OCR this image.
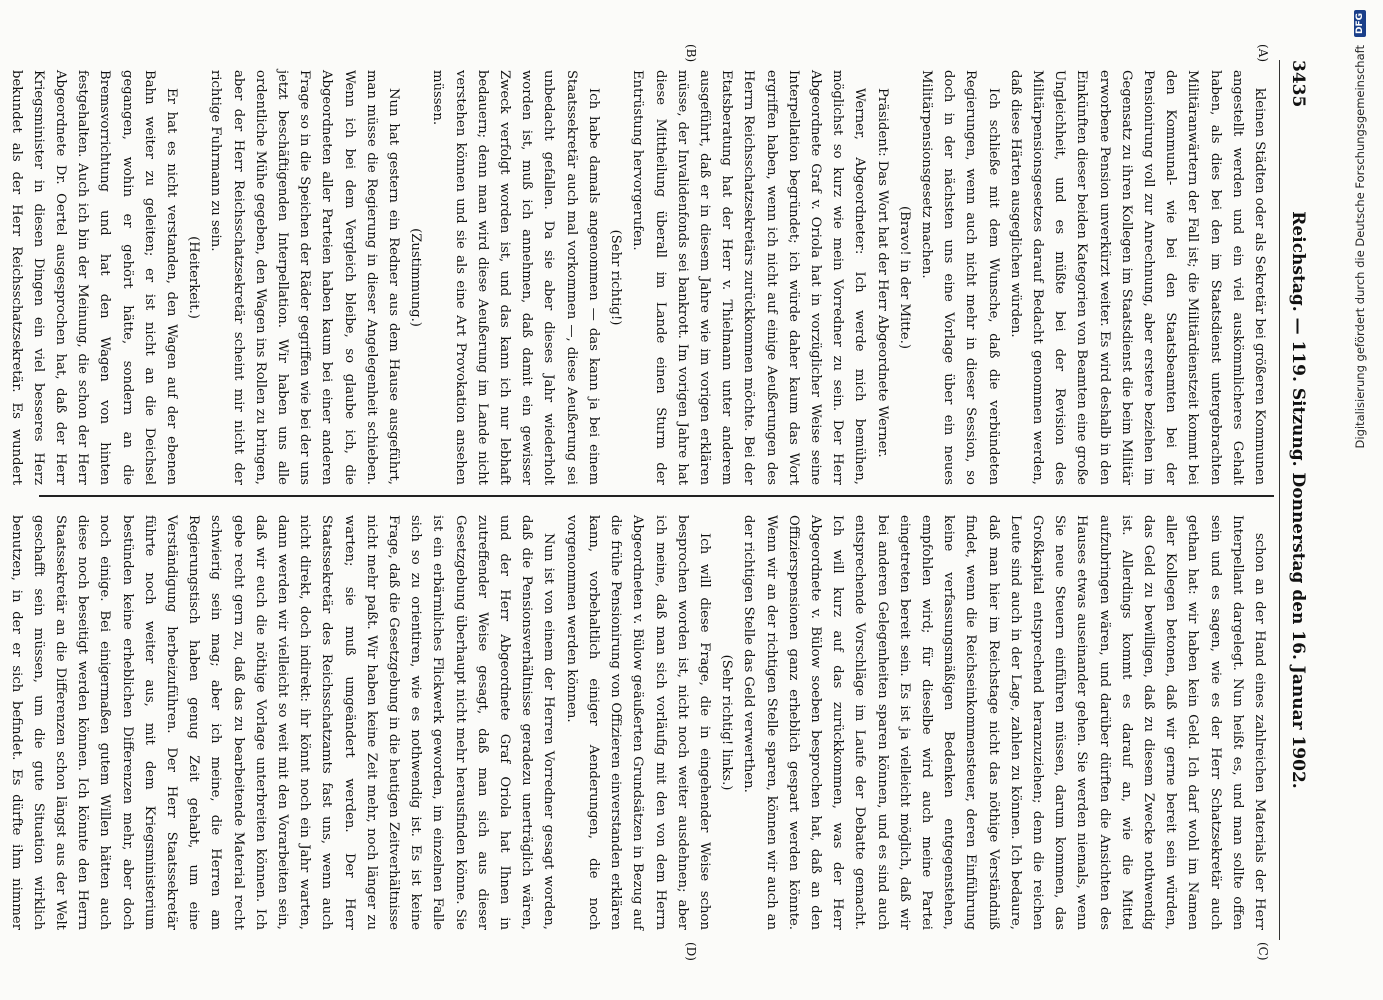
3435
Reichstag. — 119. Sitzung. Donnerstag den 16. Januar 1902.
(A)
(B)
(C)
(D)

kleinen Städten oder als Sekretär bei größeren Kommunen angestellt werden und ein viel auskömmlicheres Gehalt haben, als dies bei den im Staatsdienst untergebrachten Militäranwärtern der Fall ist; die Militärdienstzeit kommt bei den Kommunal- wie bei den Staatsbeamten bei der Pensionirung voll zur Anrechnung, aber erstere beziehen im Gegensatz zu ihren Kollegen im Staatsdienst die beim Militär erworbene Pension unverkürzt weiter. Es wird deshalb in den Einkünften dieser beiden Kategorien von Beamten eine große Ungleichheit, und es müßte bei der Revision des Militärpensionsgesetzes darauf Bedacht genommen werden, daß diese Härten ausgeglichen würden.

Ich schließe mit dem Wunsche, daß die verbündeten Regierungen, wenn auch nicht mehr in dieser Session, so doch in der nächsten uns eine Vorlage über ein neues Militärpensionsgesetz machen.

(Bravo! in der Mitte.)

Präsident: Das Wort hat der Herr Abgeordnete Werner.

Werner, Abgeordneter: Ich werde mich bemühen, möglichst so kurz wie mein Vorredner zu sein. Der Herr Abgeordnete Graf v. Oriola hat in vorzüglicher Weise seine Interpellation begründet; ich würde daher kaum das Wort ergriffen haben, wenn ich nicht auf einige Aeußerungen des Herrn Reichsschatzsekretärs zurückkommen möchte. Bei der Etatsberatung hat der Herr v. Thielmann unter anderem ausgeführt, daß er in diesem Jahre wie im vorigen erklären müsse, der Invalidenfonds sei bankrott. Im vorigen Jahre hat diese Mittheilung überall im Lande einen Sturm der Entrüstung hervorgerufen.

(Sehr richtig!)

Ich habe damals angenommen — das kann ja bei einem Staatssekretär auch mal vorkommen —, diese Aeußerung sei unbedacht gefallen. Da sie aber dieses Jahr wiederholt worden ist, muß ich annehmen, daß damit ein gewisser Zweck verfolgt worden ist, und das kann ich nur lebhaft bedauern; denn man wird diese Aeußerung im Lande nicht verstehen können und sie als eine Art Provokation ansehen müssen.

(Zustimmung.)

Nun hat gestern ein Redner aus dem Hause ausgeführt, man müsse die Regierung in dieser Angelegenheit schieben. Wenn ich bei dem Vergleich bleibe, so glaube ich, die Abgeordneten aller Parteien haben kaum bei einer anderen Frage so in die Speichen der Räder gegriffen wie bei der uns jetzt beschäftigenden Interpellation. Wir haben uns alle ordentliche Mühe gegeben, den Wagen ins Rollen zu bringen, aber der Herr Reichsschatzsekretär scheint mir nicht der richtige Fuhrmann zu sein.

(Heiterkeit.)

Er hat es nicht verstanden, den Wagen auf der ebenen Bahn weiter zu geleiten; er ist nicht an die Deichsel gegangen, wohin er gehört hätte, sondern an die Bremsvorrichtung und hat den Wagen von hinten festgehalten. Auch ich bin der Meinung, die schon der Herr Abgeordnete Dr. Oertel ausgesprochen hat, daß der Herr Kriegsminister in diesen Dingen ein viel besseres Herz bekundet als der Herr Reichsschatzsekretär. Es wundert

schon an der Hand eines zahlreichen Materials der Herr Interpellant dargelegt. Nun heißt es, und man sollte offen sein und es sagen, wie es der Herr Schatzsekretär auch gethan hat: wir haben kein Geld. Ich darf wohl im Namen aller Kollegen betonen, daß wir gerne bereit sein würden, das Geld zu bewilligen, daß zu diesem Zwecke nothwendig ist. Allerdings kommt es darauf an, wie die Mittel aufzubringen wären, und darüber dürften die Ansichten des Hauses etwas auseinander gehen. Sie werden niemals, wenn Sie neue Steuern einführen müssen, darum kommen, das Großkapital entsprechend heranzuziehen; denn die reichen Leute sind auch in der Lage, zahlen zu können. Ich bedaure, daß man hier im Reichstage nicht das nöthige Verständniß findet, wenn die Reichseinkommensteuer, deren Einführung keine verfassungsmäßigen Bedenken entgegenstehen, empfohlen wird; für dieselbe wird auch meine Partei eingetreten bereit sein. Es ist ja vielleicht möglich, daß wir bei anderen Gelegenheiten sparen können, und es sind auch entsprechende Vorschläge im Laufe der Debatte gemacht. Ich will kurz auf das zurückkommen, was der Herr Abgeordnete v. Bülow soeben besprochen hat, daß an den Offizierspensionen ganz erheblich gespart werden könnte. Wenn wir an der richtigen Stelle sparen, können wir auch an der richtigen Stelle das Geld verwerthen.

(Sehr richtig! links.)

Ich will diese Frage, die in eingehender Weise schon besprochen worden ist, nicht noch weiter ausdehnen; aber ich meine, daß man sich vorläufig mit den von dem Herrn Abgeordneten v. Bülow geäußerten Grundsätzen in Bezug auf die frühe Pensionirung von Offizieren einverstanden erklären kann, vorbehaltlich einiger Aenderungen, die noch vorgenommen werden können.

Nun ist von einem der Herren Vorredner gesagt worden, daß die Pensionsverhältnisse geradezu unerträglich wären, und der Herr Abgeordnete Graf Oriola hat Ihnen in zutreffender Weise gesagt, daß man sich aus dieser Gesetzgebung überhaupt nicht mehr herausfinden könne. Sie ist ein erbärmliches Flickwerk geworden, im einzelnen Falle sich so zu orientiren, wie es nothwendig ist. Es ist keine Frage, daß die Gesetzgebung in die heutigen Zeitverhältnisse nicht mehr paßt. Wir haben keine Zeit mehr, noch länger zu warten; sie muß umgeändert werden. Der Herr Staatssekretär des Reichsschatzamts fast uns, wenn auch nicht direkt, doch indirekt: ihr könnt noch ein Jahr warten, dann werden wir vielleicht so weit mit den Vorarbeiten sein, daß wir euch die nöthige Vorlage unterbreiten können. Ich gebe recht gern zu, daß das zu bearbeitende Material recht schwierig sein mag; aber ich meine, die Herren am Regierungstisch haben genug Zeit gehabt, um eine Verständigung herbeizuführen. Der Herr Staatssekretär führte noch weiter aus, mit dem Kriegsministerium bestünden keine erheblichen Differenzen mehr, aber doch noch einige. Bei einigermaßen gutem Willen hätten auch diese noch beseitigt werden können. Ich könnte den Herrn Staatssekretär an die Differenzen schon längst aus der Welt geschafft sein müssen, um die gute Situation wirklich benutzen, in der er sich befindet. Es dürfte ihm nimmer

Digitalisierung gefördert durch die Deutsche Forschungsgemeinschaft
DFG
